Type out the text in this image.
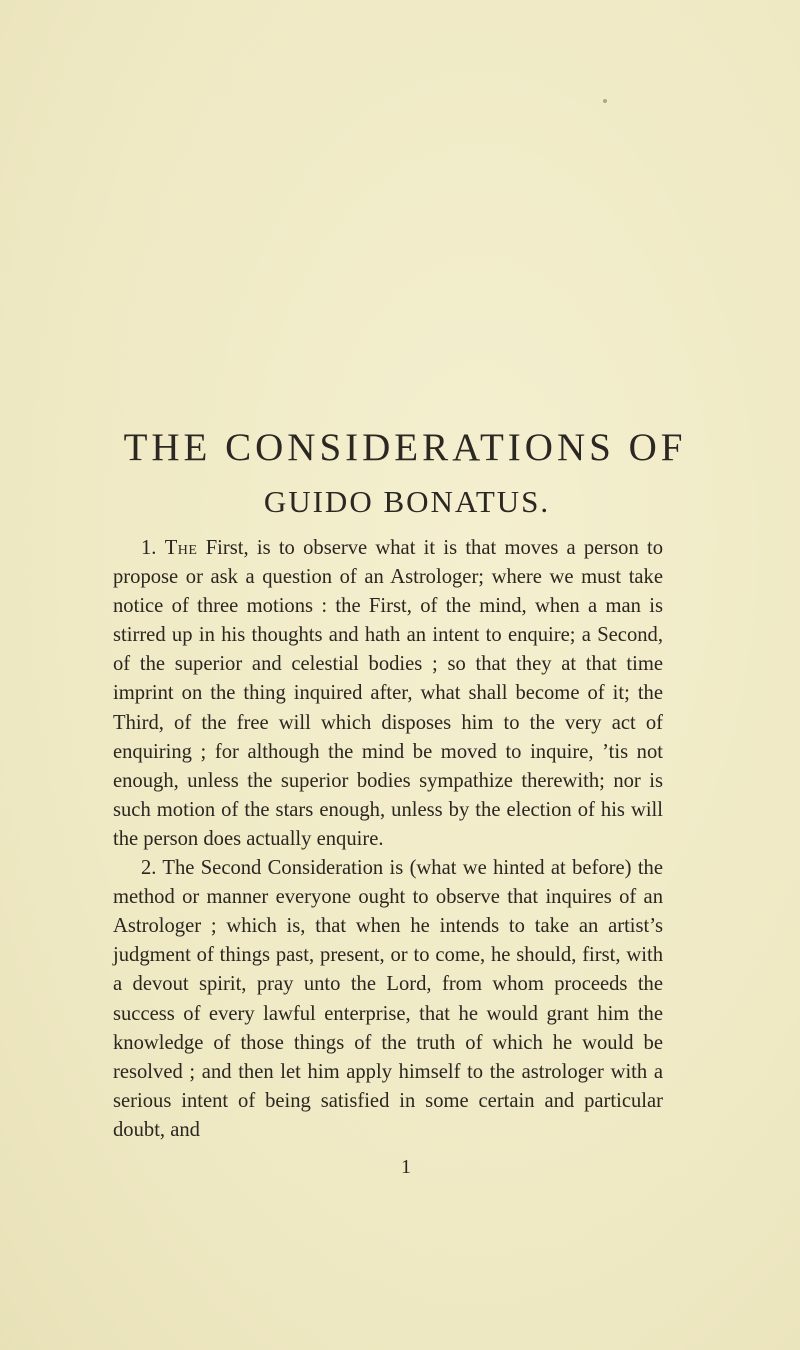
THE CONSIDERATIONS OF
GUIDO BONATUS.

1. The First, is to observe what it is that moves a person to propose or ask a question of an Astrologer; where we must take notice of three motions : the First, of the mind, when a man is stirred up in his thoughts and hath an intent to enquire; a Second, of the superior and celestial bodies ; so that they at that time imprint on the thing inquired after, what shall become of it; the Third, of the free will which disposes him to the very act of enquiring ; for although the mind be moved to inquire, ’tis not enough, unless the superior bodies sympathize therewith; nor is such motion of the stars enough, unless by the election of his will the person does actually enquire.

2. The Second Consideration is (what we hinted at before) the method or manner everyone ought to observe that inquires of an Astrologer ; which is, that when he intends to take an artist’s judgment of things past, present, or to come, he should, first, with a devout spirit, pray unto the Lord, from whom proceeds the success of every lawful enterprise, that he would grant him the knowledge of those things of the truth of which he would be resolved ; and then let him apply himself to the astrologer with a serious intent of being satisfied in some certain and particular doubt, and

1
